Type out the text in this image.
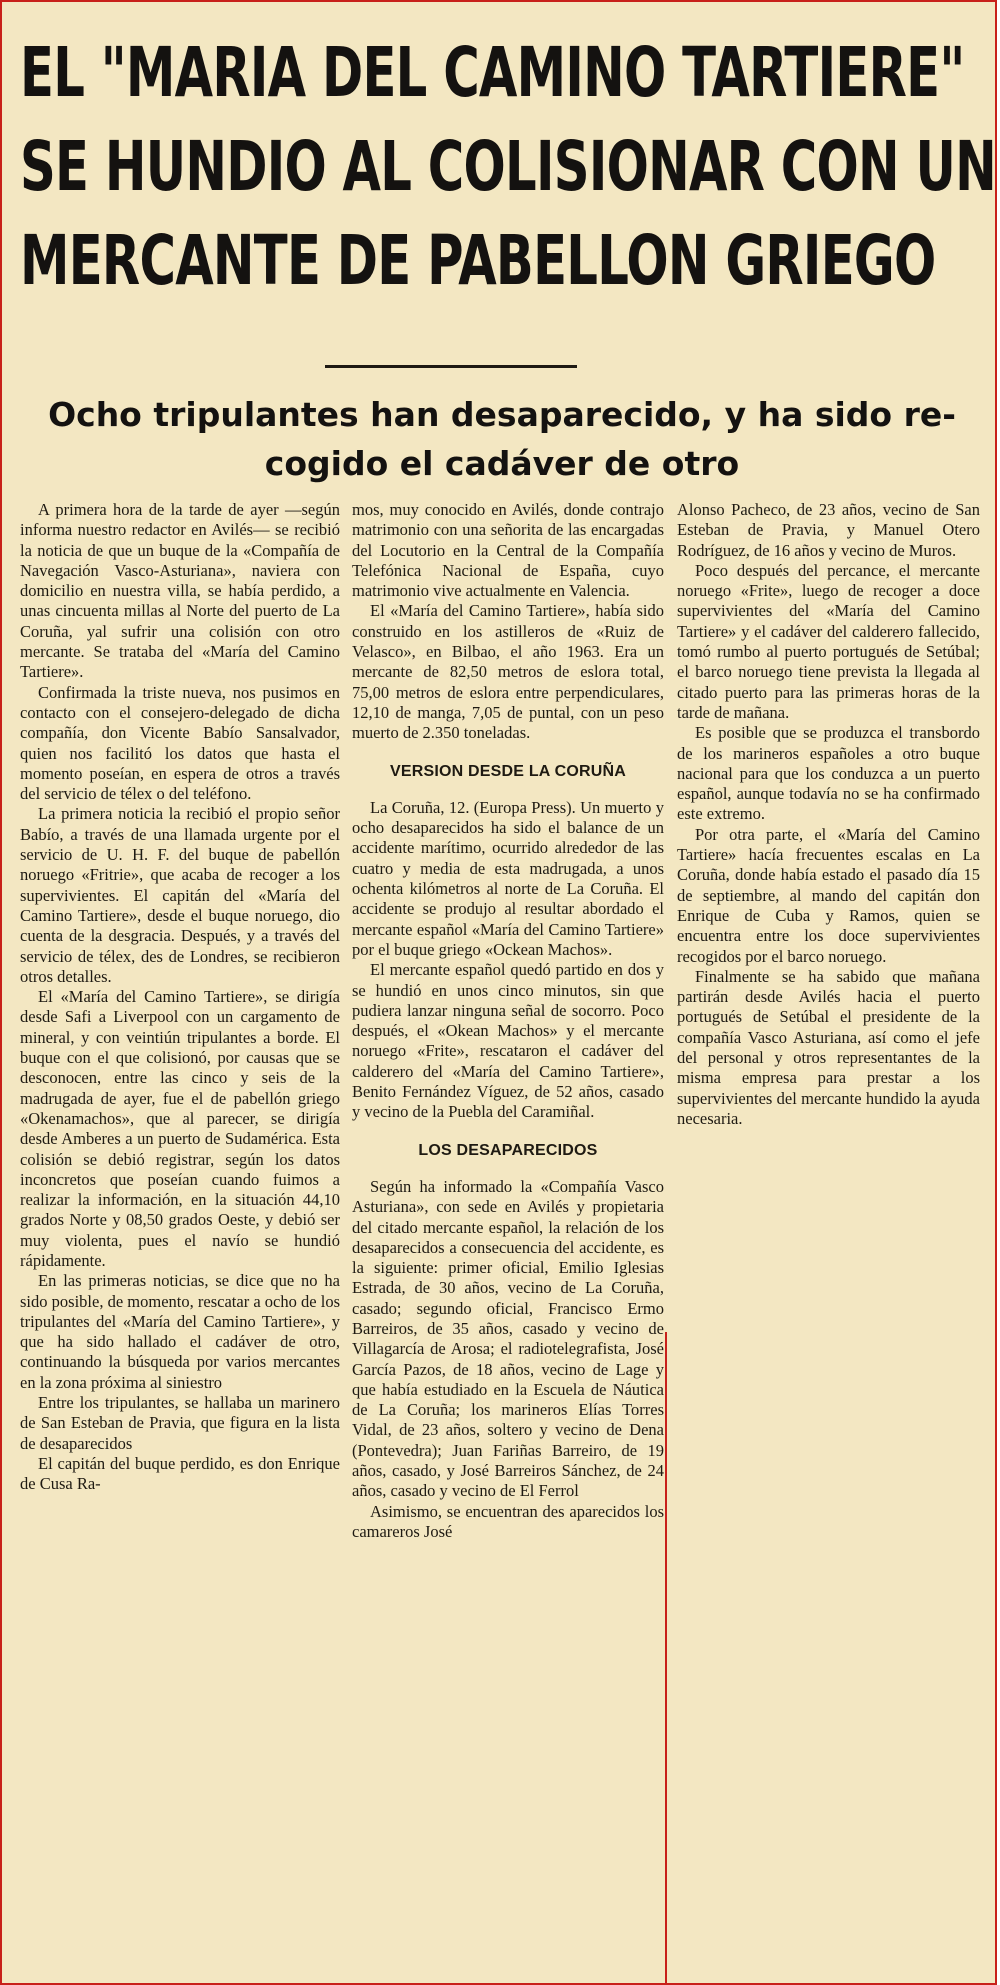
EL "MARIA DEL CAMINO TARTIERE"
SE HUNDIO AL COLISIONAR CON UN
MERCANTE DE PABELLON GRIEGO
Ocho tripulantes han desaparecido, y ha sido re-
cogido el cadáver de otro

A primera hora de la tarde de ayer —según informa nuestro redactor en Avilés— se recibió la noticia de que un buque de la «Compañía de Navegación Vasco-Asturiana», naviera con domicilio en nuestra villa, se había perdido, a unas cincuenta millas al Norte del puerto de La Coruña, yal sufrir una colisión con otro mercante. Se trataba del «María del Camino Tartiere».

Confirmada la triste nueva, nos pusimos en contacto con el consejero-delegado de dicha compañía, don Vicente Babío Sansalvador, quien nos facilitó los datos que hasta el momento poseían, en espera de otros a través del servicio de télex o del teléfono.

La primera noticia la recibió el propio señor Babío, a través de una llamada urgente por el servicio de U. H. F. del buque de pabellón noruego «Fritrie», que acaba de recoger a los supervivientes. El capitán del «María del Camino Tartiere», desde el buque noruego, dio cuenta de la desgracia. Después, y a través del servicio de télex, des de Londres, se recibieron otros detalles.

El «María del Camino Tartiere», se dirigía desde Safi a Liverpool con un cargamento de mineral, y con veintiún tripulantes a borde. El buque con el que colisionó, por causas que se desconocen, entre las cinco y seis de la madrugada de ayer, fue el de pabellón griego «Okenamachos», que al parecer, se dirigía desde Amberes a un puerto de Sudamérica. Esta colisión se debió registrar, según los datos inconcretos que poseían cuando fuimos a realizar la información, en la situación 44,10 grados Norte y 08,50 grados Oeste, y debió ser muy violenta, pues el navío se hundió rápidamente.

En las primeras noticias, se dice que no ha sido posible, de momento, rescatar a ocho de los tripulantes del «María del Camino Tartiere», y que ha sido hallado el cadáver de otro, continuando la búsqueda por varios mercantes en la zona próxima al siniestro

Entre los tripulantes, se hallaba un marinero de San Esteban de Pravia, que figura en la lista de desaparecidos

El capitán del buque perdido, es don Enrique de Cusa Ra-

mos, muy conocido en Avilés, donde contrajo matrimonio con una señorita de las encargadas del Locutorio en la Central de la Compañía Telefónica Nacional de España, cuyo matrimonio vive actualmente en Valencia.

El «María del Camino Tartiere», había sido construido en los astilleros de «Ruiz de Velasco», en Bilbao, el año 1963. Era un mercante de 82,50 metros de eslora total, 75,00 metros de eslora entre perpendiculares, 12,10 de manga, 7,05 de puntal, con un peso muerto de 2.350 toneladas.

VERSION DESDE LA CORUÑA

La Coruña, 12. (Europa Press). Un muerto y ocho desaparecidos ha sido el balance de un accidente marítimo, ocurrido alrededor de las cuatro y media de esta madrugada, a unos ochenta kilómetros al norte de La Coruña. El accidente se produjo al resultar abordado el mercante español «María del Camino Tartiere» por el buque griego «Ockean Machos».

El mercante español quedó partido en dos y se hundió en unos cinco minutos, sin que pudiera lanzar ninguna señal de socorro. Poco después, el «Okean Machos» y el mercante noruego «Frite», rescataron el cadáver del calderero del «María del Camino Tartiere», Benito Fernández Víguez, de 52 años, casado y vecino de la Puebla del Caramiñal.

LOS DESAPARECIDOS

Según ha informado la «Compañía Vasco Asturiana», con sede en Avilés y propietaria del citado mercante español, la relación de los desaparecidos a consecuencia del accidente, es la siguiente: primer oficial, Emilio Iglesias Estrada, de 30 años, vecino de La Coruña, casado; segundo oficial, Francisco Ermo Barreiros, de 35 años, casado y vecino de Villagarcía de Arosa; el radiotelegrafista, José García Pazos, de 18 años, vecino de Lage y que había estudiado en la Escuela de Náutica de La Coruña; los marineros Elías Torres Vidal, de 23 años, soltero y vecino de Dena (Pontevedra); Juan Fariñas Barreiro, de 19 años, casado, y José Barreiros Sánchez, de 24 años, casado y vecino de El Ferrol

Asimismo, se encuentran des aparecidos los camareros José

Alonso Pacheco, de 23 años, vecino de San Esteban de Pravia, y Manuel Otero Rodríguez, de 16 años y vecino de Muros.

Poco después del percance, el mercante noruego «Frite», luego de recoger a doce supervivientes del «María del Camino Tartiere» y el cadáver del calderero fallecido, tomó rumbo al puerto portugués de Setúbal; el barco noruego tiene prevista la llegada al citado puerto para las primeras horas de la tarde de mañana.

Es posible que se produzca el transbordo de los marineros españoles a otro buque nacional para que los conduzca a un puerto español, aunque todavía no se ha confirmado este extremo.

Por otra parte, el «María del Camino Tartiere» hacía frecuentes escalas en La Coruña, donde había estado el pasado día 15 de septiembre, al mando del capitán don Enrique de Cuba y Ramos, quien se encuentra entre los doce supervivientes recogidos por el barco noruego.

Finalmente se ha sabido que mañana partirán desde Avilés hacia el puerto portugués de Setúbal el presidente de la compañía Vasco Asturiana, así como el jefe del personal y otros representantes de la misma empresa para prestar a los supervivientes del mercante hundido la ayuda necesaria.
